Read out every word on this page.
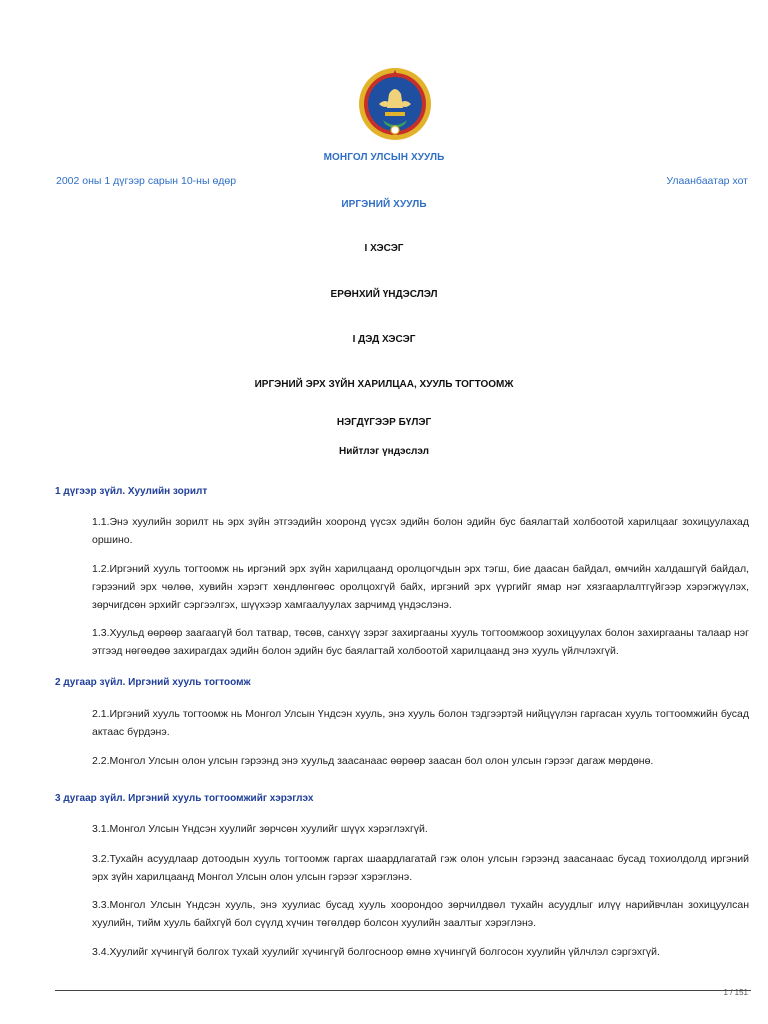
МОНГОЛ УЛСЫН ХУУЛЬ
2002 оны 1 дүгээр сарын 10-ны өдөр	Улаанбаатар хот
ИРГЭНИЙ ХУУЛЬ
I ХЭСЭГ
ЕРӨНХИЙ ҮНДЭСЛЭЛ
I ДЭД ХЭСЭГ
ИРГЭНИЙ ЭРХ ЗҮЙН ХАРИЛЦАА, ХУУЛЬ ТОГТООМЖ
НЭГДҮГЭЭР БҮЛЭГ
Нийтлэг үндэслэл
1 дүгээр зүйл. Хуулийн зорилт
1.1.Энэ хуулийн зорилт нь эрх зүйн этгээдийн хооронд үүсэх эдийн болон эдийн бус баялагтай холбоотой харилцааг зохицуулахад оршино.
1.2.Иргэний хууль тогтоомж нь иргэний эрх зүйн харилцаанд оролцогчдын эрх тэгш, бие даасан байдал, өмчийн халдашгүй байдал, гэрээний эрх чөлөө, хувийн хэрэгт хөндлөнгөөс оролцохгүй байх, иргэний эрх үүргийг ямар нэг хязгаарлалтгүйгээр хэрэгжүүлэх, зөрчигдсөн эрхийг сэргээлгэх, шүүхээр хамгаалуулах зарчимд үндэслэнэ.
1.3.Хуульд өөрөөр заагаагүй бол татвар, төсөв, санхүү зэрэг захиргааны хууль тогтоомжоор зохицуулах болон захиргааны талаар нэг этгээд нөгөөдөө захирагдах эдийн болон эдийн бус баялагтай холбоотой харилцаанд энэ хууль үйлчлэхгүй.
2 дугаар зүйл. Иргэний хууль тогтоомж
2.1.Иргэний хууль тогтоомж нь Монгол Улсын Үндсэн хууль, энэ хууль болон тэдгээртэй нийцүүлэн гаргасан хууль тогтоомжийн бусад актаас бүрдэнэ.
2.2.Монгол Улсын олон улсын гэрээнд энэ хуульд заасанаас өөрөөр заасан бол олон улсын гэрээг дагаж мөрдөнө.
3 дугаар зүйл. Иргэний хууль тогтоомжийг хэрэглэх
3.1.Монгол Улсын Үндсэн хуулийг зөрчсөн хуулийг шүүх хэрэглэхгүй.
3.2.Тухайн асуудлаар дотоодын хууль тогтоомж гаргах шаардлагатай гэж олон улсын гэрээнд заасанаас бусад тохиолдолд иргэний эрх зүйн харилцаанд Монгол Улсын олон улсын гэрээг хэрэглэнэ.
3.3.Монгол Улсын Үндсэн хууль, энэ хуулиас бусад хууль хоорондоо зөрчилдвөл тухайн асуудлыг илүү нарийвчлан зохицуулсан хуулийн, тийм хууль байхгүй бол сүүлд хүчин төгөлдөр болсон хуулийн заалтыг хэрэглэнэ.
3.4.Хуулийг хүчингүй болгох тухай хуулийг хүчингүй болгосноор өмнө хүчингүй болгосон хуулийн үйлчлэл сэргэхгүй.
1 / 151
